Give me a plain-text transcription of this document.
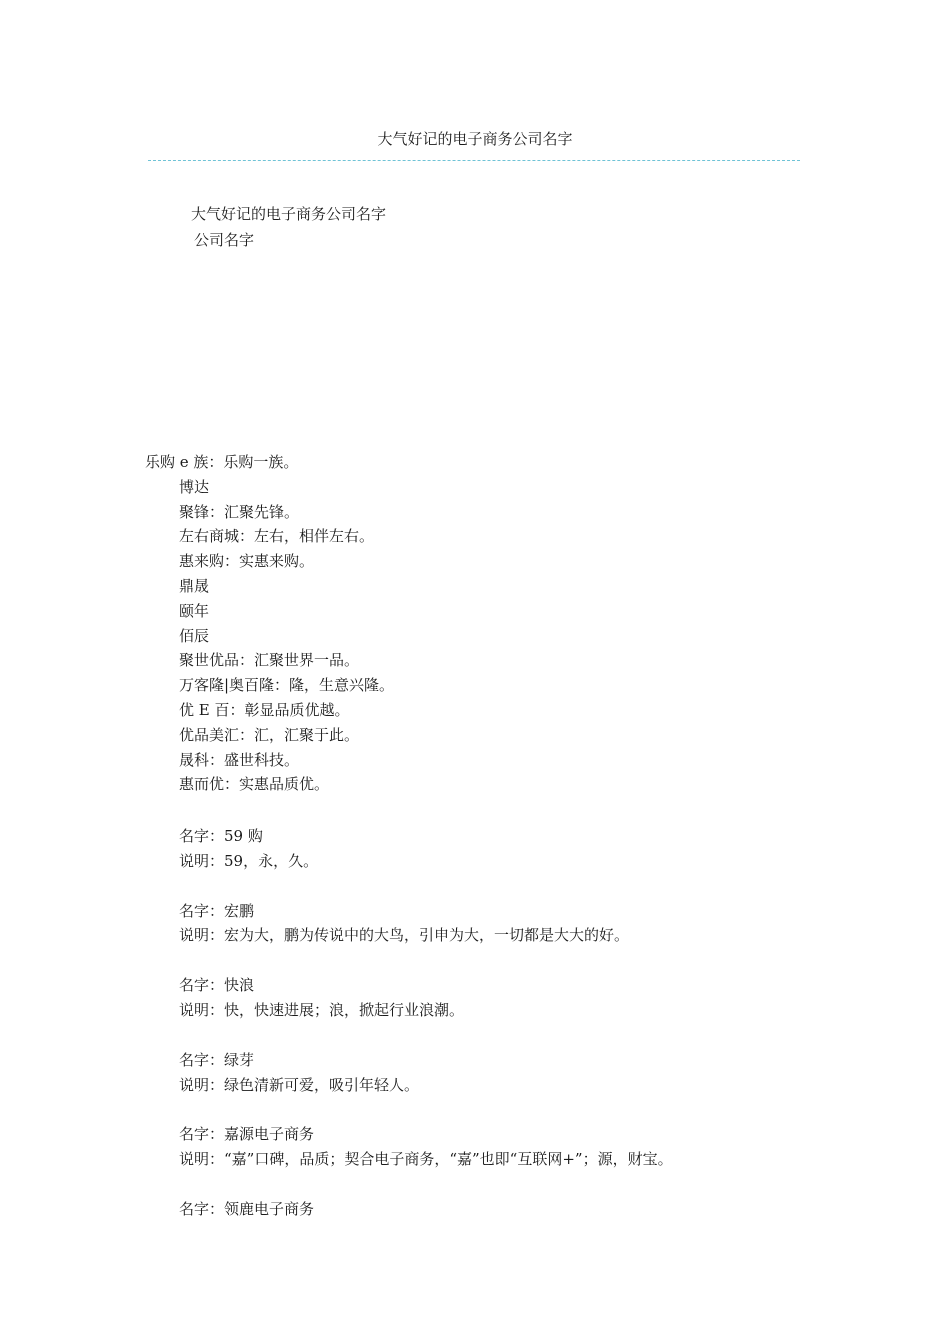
大气好记的电子商务公司名字
大气好记的电子商务公司名字
公司名字
乐购 e 族：乐购一族。
博达
聚锋：汇聚先锋。
左右商城：左右，相伴左右。
惠来购：实惠来购。
鼎晟
颐年
佰辰
聚世优品：汇聚世界一品。
万客隆|奥百隆：隆，生意兴隆。
优 E 百：彰显品质优越。
优品美汇：汇，汇聚于此。
晟科：盛世科技。
惠而优：实惠品质优。
名字：59 购
说明：59，永，久。
名字：宏鹏
说明：宏为大，鹏为传说中的大鸟，引申为大，一切都是大大的好。
名字：快浪
说明：快，快速进展；浪，掀起行业浪潮。
名字：绿芽
说明：绿色清新可爱，吸引年轻人。
名字：嘉源电子商务
说明：“嘉”口碑，品质；契合电子商务，“嘉”也即“互联网+”；源，财宝。
名字：领鹿电子商务
